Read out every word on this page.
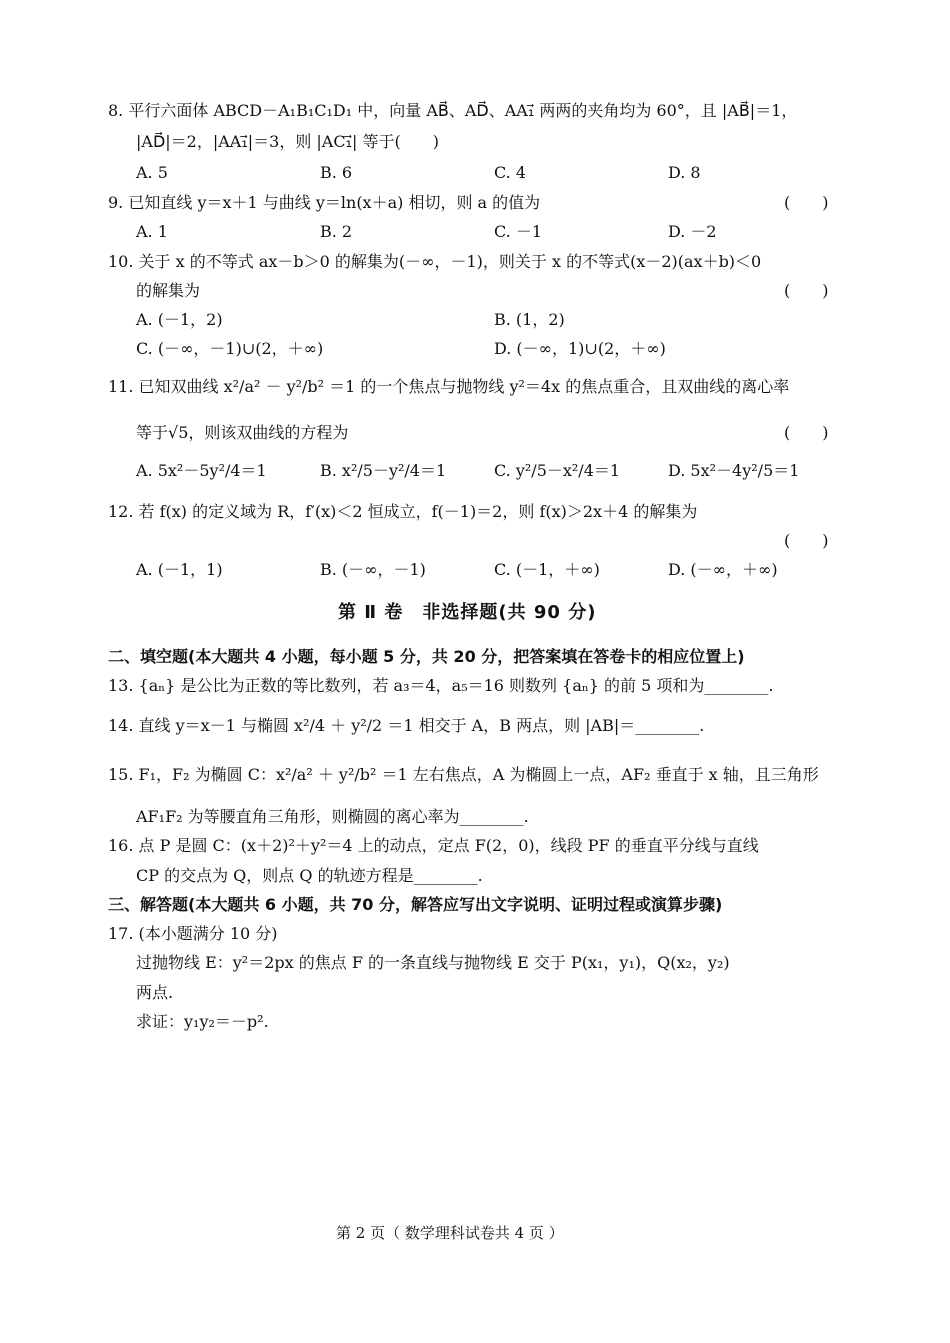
8. 平行六面体 ABCD－A₁B₁C₁D₁ 中，向量 AB⃗、AD⃗、AA₁⃗ 两两的夹角均为 60°，且 |AB⃗|＝1，
|AD⃗|＝2，|AA₁⃗|＝3，则 |AC₁⃗| 等于(　　)
A. 5	B. 6	C. 4	D. 8
9. 已知直线 y＝x＋1 与曲线 y＝ln(x＋a) 相切，则 a 的值为	(　　)
A. 1	B. 2	C. －1	D. －2
10. 关于 x 的不等式 ax－b＞0 的解集为(－∞，－1)，则关于 x 的不等式(x－2)(ax＋b)＜0
的解集为	(　　)
A. (－1，2)	B. (1，2)
C. (－∞，－1)∪(2，＋∞)	D. (－∞，1)∪(2，＋∞)
11. 已知双曲线 x²/a² － y²/b² ＝1 的一个焦点与抛物线 y²＝4x 的焦点重合，且双曲线的离心率
等于√5，则该双曲线的方程为	(　　)
A. 5x²－5y²/4＝1	B. x²/5－y²/4＝1	C. y²/5－x²/4＝1	D. 5x²－4y²/5＝1
12. 若 f(x) 的定义域为 R，f′(x)＜2 恒成立，f(－1)＝2，则 f(x)＞2x＋4 的解集为
(　　)
A. (－1，1)	B. (－∞，－1)	C. (－1，＋∞)	D. (－∞，＋∞)
第 Ⅱ 卷　非选择题(共 90 分)
二、填空题(本大题共 4 小题，每小题 5 分，共 20 分，把答案填在答卷卡的相应位置上)
13. {aₙ} 是公比为正数的等比数列，若 a₃＝4，a₅＝16 则数列 {aₙ} 的前 5 项和为________.
14. 直线 y＝x－1 与椭圆 x²/4 ＋ y²/2 ＝1 相交于 A，B 两点，则 |AB|＝________.
15. F₁，F₂ 为椭圆 C：x²/a² ＋ y²/b² ＝1 左右焦点，A 为椭圆上一点，AF₂ 垂直于 x 轴，且三角形
AF₁F₂ 为等腰直角三角形，则椭圆的离心率为________.
16. 点 P 是圆 C：(x＋2)²＋y²＝4 上的动点，定点 F(2，0)，线段 PF 的垂直平分线与直线
CP 的交点为 Q，则点 Q 的轨迹方程是________.
三、解答题(本大题共 6 小题，共 70 分，解答应写出文字说明、证明过程或演算步骤)
17. (本小题满分 10 分)
过抛物线 E：y²＝2px 的焦点 F 的一条直线与抛物线 E 交于 P(x₁，y₁)，Q(x₂，y₂)
两点.
求证：y₁y₂＝－p².
第 2 页（ 数学理科试卷共 4 页 ）
